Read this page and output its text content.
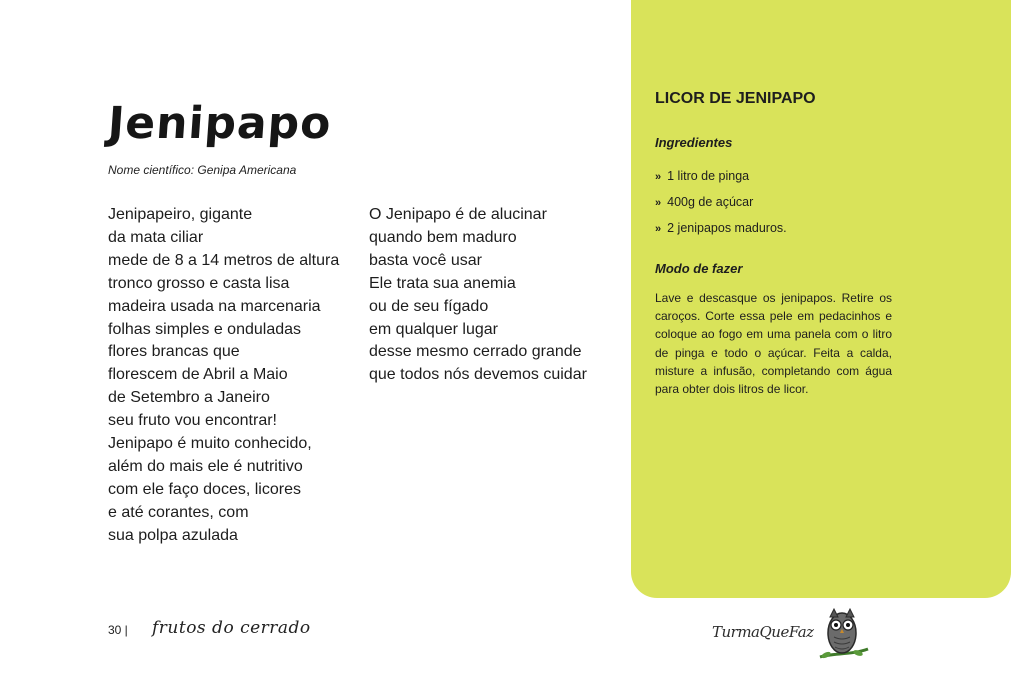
Jenipapo
Nome científico: Genipa Americana
Jenipapeiro, gigante
da mata ciliar
mede de 8 a 14 metros de altura
tronco grosso e casta lisa
madeira usada na marcenaria
folhas simples e onduladas
flores brancas que
florescem de Abril a Maio
de Setembro a Janeiro
seu fruto vou encontrar!
Jenipapo é muito conhecido,
além do mais ele é nutritivo
com ele faço doces, licores
e até corantes, com
sua polpa azulada
O Jenipapo é de alucinar
quando bem maduro
basta você usar
Ele trata sua anemia
ou de seu fígado
em qualquer lugar
desse mesmo cerrado grande
que todos nós devemos cuidar
LICOR DE JENIPAPO
Ingredientes
» 1 litro de pinga
» 400g de açúcar
» 2 jenipapos maduros.
Modo de fazer
Lave e descasque os jenipapos. Retire os caroços. Corte essa pele em pedacinhos e coloque ao fogo em uma panela com o litro de pinga e todo o açúcar. Feita a calda, misture a infusão, completando com água para obter dois litros de licor.
30 | frutos do cerrado	TurmaQueFaz
